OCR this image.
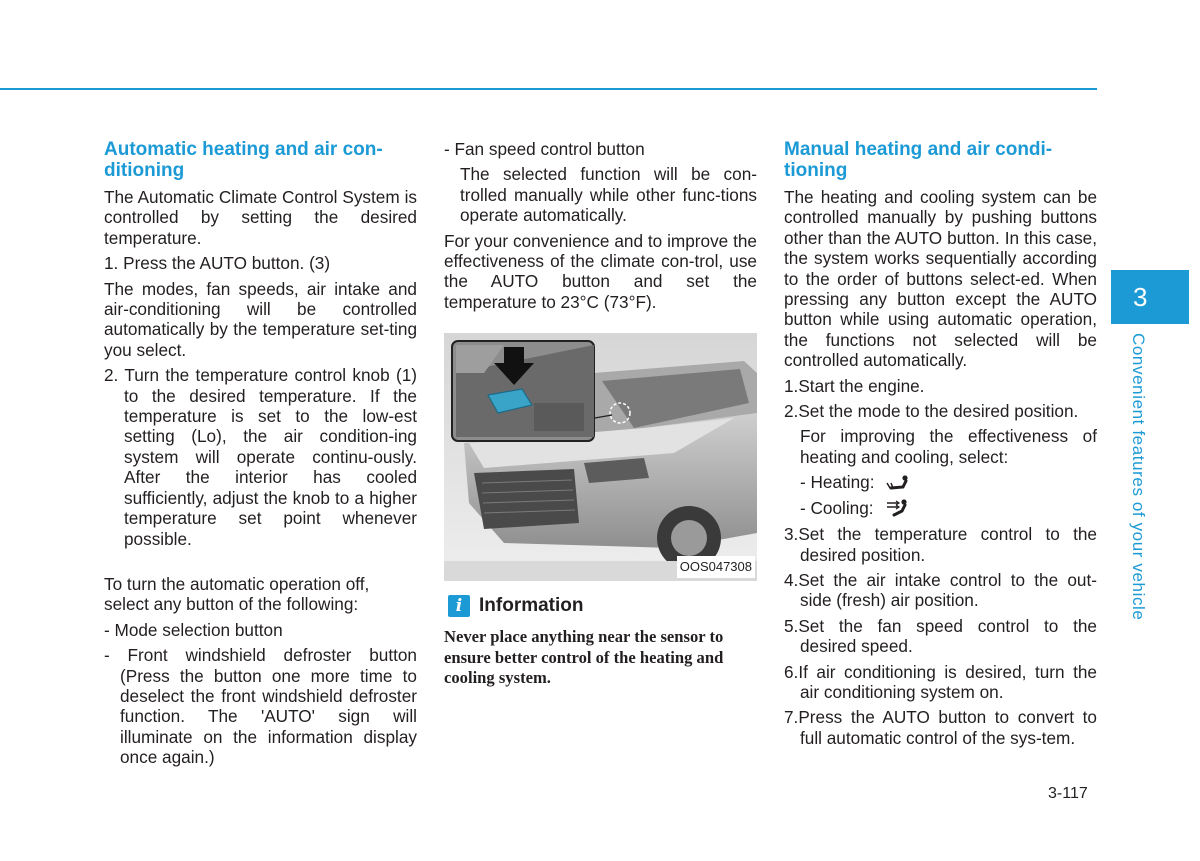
Automatic heating and air con-ditioning

The Automatic Climate Control System is controlled by setting the desired temperature.

1. Press the AUTO button. (3)

The modes, fan speeds, air intake and air-conditioning will be controlled automatically by the temperature set-ting you select.

2. Turn the temperature control knob (1) to the desired temperature. If the temperature is set to the low-est setting (Lo), the air condition-ing system will operate continu-ously. After the interior has cooled sufficiently, adjust the knob to a higher temperature set point whenever possible.

To turn the automatic operation off, select any button of the following:

- Mode selection button

- Front windshield defroster button (Press the button one more time to deselect the front windshield defroster function. The 'AUTO' sign will illuminate on the information display once again.)

- Fan speed control button

The selected function will be con-trolled manually while other func-tions operate automatically.

For your convenience and to improve the effectiveness of the climate con-trol, use the AUTO button and set the temperature to 23°C (73°F).

OOS047308
i Information
Never place anything near the sensor to ensure better control of the heating and cooling system.
Manual heating and air condi-tioning

The heating and cooling system can be controlled manually by pushing buttons other than the AUTO button. In this case, the system works sequentially according to the order of buttons select-ed. When pressing any button except the AUTO button while using automatic operation, the functions not selected will be controlled automatically.

1.Start the engine.

2.Set the mode to the desired position.

For improving the effectiveness of heating and cooling, select:

- Heating:

- Cooling:

3.Set the temperature control to the desired position.

4.Set the air intake control to the out-side (fresh) air position.

5.Set the fan speed control to the desired speed.

6.If air conditioning is desired, turn the air conditioning system on.

7.Press the AUTO button to convert to full automatic control of the sys-tem.

3
Convenient features of your vehicle
3-117
